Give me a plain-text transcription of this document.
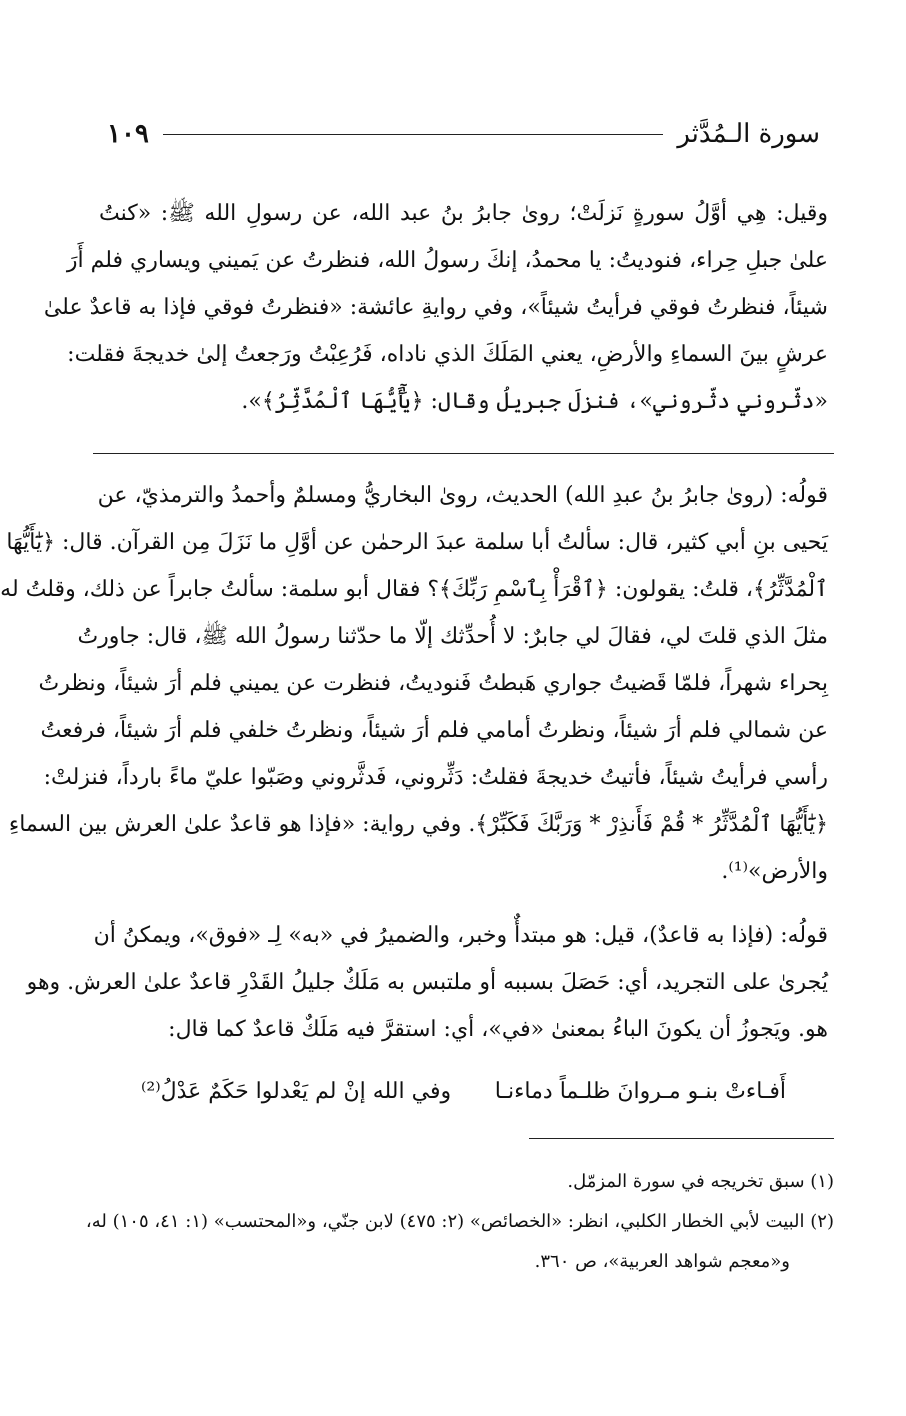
سورة الـمُدَّثر
١٠٩
وقيل: هِي أوَّلُ سورةٍ نَزلَتْ؛ روىٰ جابرُ بنُ عبد الله، عن رسولِ الله ﷺ: «كنتُ
علىٰ جبلِ حِراء، فنوديتُ: يا محمدُ، إنكَ رسولُ الله، فنظرتُ عن يَميني ويساري فلم أَرَ
شيئاً، فنظرتُ فوقي فرأيتُ شيئاً»، وفي روايةِ عائشة: «فنظرتُ فوقي فإذا به قاعدٌ علىٰ
عرشٍ بينَ السماءِ والأرضِ، يعني المَلَكَ الذي ناداه، فَرُعِبْتُ ورَجعتُ إلىٰ خديجةَ فقلت:
«دثّروني دثّروني»، فنزلَ جبريلُ وقال: ﴿يَٰٓأَيُّهَا ٱلْمُدَّثِّرُ﴾».
قولُه: (روىٰ جابرُ بنُ عبدِ الله) الحديث، روىٰ البخاريُّ ومسلمٌ وأحمدُ والترمذيّ، عن
يَحيى بنِ أبي كثير، قال: سألتُ أبا سلمة عبدَ الرحمٰن عن أوَّلِ ما نَزَلَ مِن القرآن. قال: ﴿يَٰٓأَيُّهَا
ٱلْمُدَّثِّرُ﴾، قلتُ: يقولون: ﴿ٱقْرَأْ بِٱسْمِ رَبِّكَ﴾؟ فقال أبو سلمة: سألتُ جابراً عن ذلك، وقلتُ له
مثلَ الذي قلتَ لي، فقالَ لي جابرٌ: لا أُحدِّثك إلّا ما حدّثنا رسولُ الله ﷺ، قال: جاورتُ
بِحراء شهراً، فلمّا قَضيتُ جواري هَبطتُ فَنوديتُ، فنظرت عن يميني فلم أرَ شيئاً، ونظرتُ
عن شمالي فلم أرَ شيئاً، ونظرتُ أمامي فلم أرَ شيئاً، ونظرتُ خلفي فلم أرَ شيئاً، فرفعتُ
رأسي فرأيتُ شيئاً، فأتيتُ خديجةَ فقلتُ: دَثِّروني، فَدثَّروني وصَبّوا عليّ ماءً بارداً، فنزلتْ:
﴿يَٰٓأَيُّهَا ٱلْمُدَّثِّرُ * قُمْ فَأَنذِرْ * وَرَبَّكَ فَكَبِّرْ﴾. وفي رواية: «فإذا هو قاعدٌ علىٰ العرش بين السماءِ
والأرض»⁽¹⁾.
قولُه: (فإذا به قاعدٌ)، قيل: هو مبتدأٌ وخبر، والضميرُ في «به» لِـ «فوق»، ويمكنُ أن
يُجرىٰ على التجريد، أي: حَصَلَ بسببه أو ملتبس به مَلَكٌ جليلُ القَدْرِ قاعدٌ علىٰ العرش. وهو
هو. ويَجوزُ أن يكونَ الباءُ بمعنىٰ «في»، أي: استقرَّ فيه مَلَكٌ قاعدٌ كما قال:
أَفـاءتْ بنـو مـروانَ ظلـماً دماءنـا
وفي الله إنْ لم يَعْدلوا حَكَمٌ عَدْلُ⁽²⁾
(١) سبق تخريجه في سورة المزمّل.
(٢) البيت لأبي الخطار الكلبي، انظر: «الخصائص» (٢: ٤٧٥) لابن جنّي، و«المحتسب» (١: ٤١، ١٠٥) له،
و«معجم شواهد العربية»، ص ٣٦٠.
